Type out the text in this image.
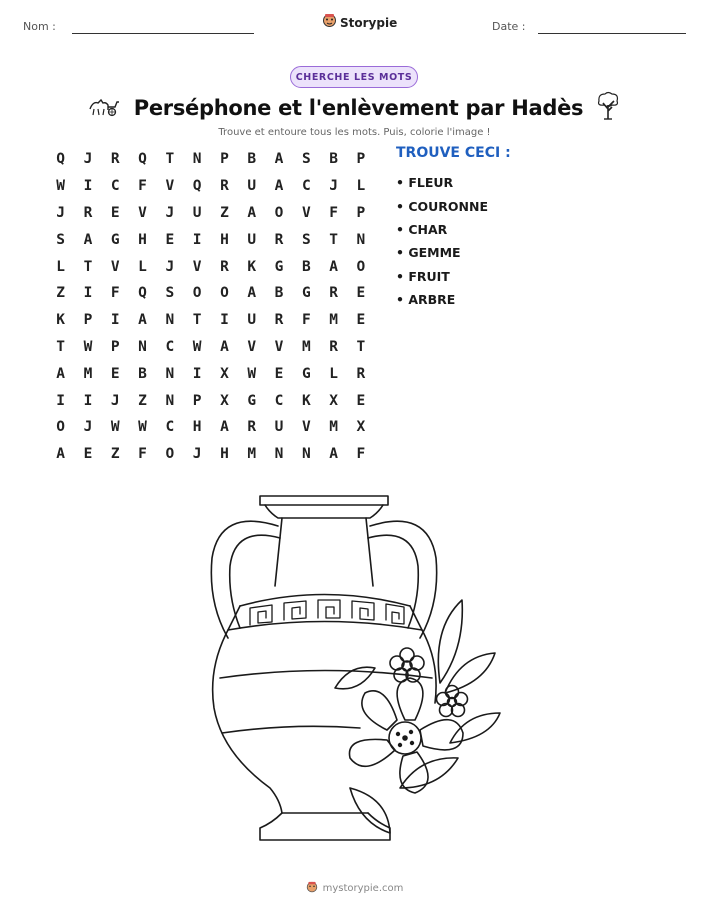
Nom :	Storypie	Date :
CHERCHE LES MOTS
Perséphone et l'enlèvement par Hadès
Trouve et entoure tous les mots. Puis, colorie l'image !
Q	J	R	Q	T	N	P	B	A	S	B	P
W	I	C	F	V	Q	R	U	A	C	J	L
J	R	E	V	J	U	Z	A	O	V	F	P
S	A	G	H	E	I	H	U	R	S	T	N
L	T	V	L	J	V	R	K	G	B	A	O
Z	I	F	Q	S	O	O	A	B	G	R	E
K	P	I	A	N	T	I	U	R	F	M	E
T	W	P	N	C	W	A	V	V	M	R	T
A	M	E	B	N	I	X	W	E	G	L	R
I	I	J	Z	N	P	X	G	C	K	X	E
O	J	W	W	C	H	A	R	U	V	M	X
A	E	Z	F	O	J	H	M	N	N	A	F
TROUVE CECI :
• FLEUR
• COURONNE
• CHAR
• GEMME
• FRUIT
• ARBRE
mystorypie.com
